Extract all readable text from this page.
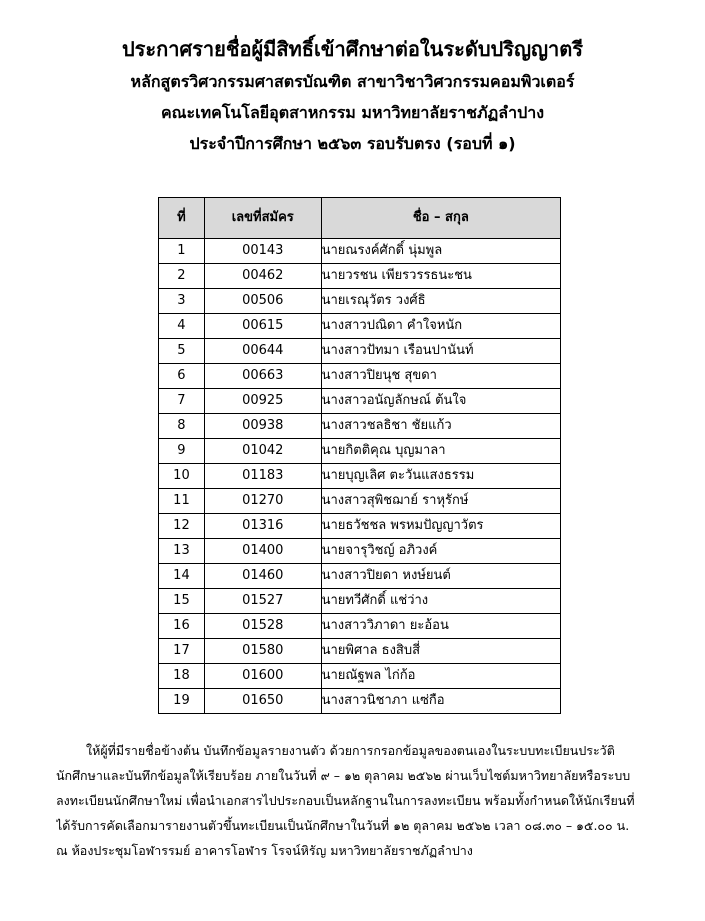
ประกาศรายชื่อผู้มีสิทธิ์เข้าศึกษาต่อในระดับปริญญาตรี
หลักสูตรวิศวกรรมศาสตรบัณฑิต สาขาวิชาวิศวกรรมคอมพิวเตอร์
คณะเทคโนโลยีอุตสาหกรรม มหาวิทยาลัยราชภัฏลำปาง
ประจำปีการศึกษา ๒๕๖๓ รอบรับตรง (รอบที่ ๑)
ที่	เลขที่สมัคร	ชื่อ – สกุล
1	00143	นายณรงค์ศักดิ์ นุ่มพูล
2	00462	นายวรชน เพียรวรรธนะชน
3	00506	นายเรณุวัตร วงศ์ธิ
4	00615	นางสาวปณิดา คำใจหนัก
5	00644	นางสาวปัทมา เรือนปานันท์
6	00663	นางสาวปิยนุช สุขดา
7	00925	นางสาวอนัญลักษณ์ ต้นใจ
8	00938	นางสาวชลธิชา ชัยแก้ว
9	01042	นายกิตติคุณ บุญมาลา
10	01183	นายบุญเลิศ ตะวันแสงธรรม
11	01270	นางสาวสุพิชฌาย์ ราหุรักษ์
12	01316	นายธวัชชล พรหมปัญญาวัตร
13	01400	นายจารุวิชญ์ อภิวงค์
14	01460	นางสาวปิยดา หงษ์ยนต์
15	01527	นายทวีศักดิ์ แช่ว่าง
16	01528	นางสาววิภาดา ยะอ้อน
17	01580	นายพิศาล ธงสิบสี่
18	01600	นายณัฐพล ไก่ก้อ
19	01650	นางสาวนิชาภา แซ่กือ
ให้ผู้ที่มีรายชื่อข้างต้น บันทึกข้อมูลรายงานตัว ด้วยการกรอกข้อมูลของตนเองในระบบทะเบียนประวัติ
นักศึกษาและบันทึกข้อมูลให้เรียบร้อย ภายในวันที่ ๙ – ๑๒ ตุลาคม ๒๕๖๒ ผ่านเว็บไซต์มหาวิทยาลัยหรือระบบ
ลงทะเบียนนักศึกษาใหม่ เพื่อนำเอกสารไปประกอบเป็นหลักฐานในการลงทะเบียน พร้อมทั้งกำหนดให้นักเรียนที่
ได้รับการคัดเลือกมารายงานตัวขึ้นทะเบียนเป็นนักศึกษาในวันที่ ๑๒ ตุลาคม ๒๕๖๒ เวลา ๐๘.๓๐ – ๑๕.๐๐ น.
ณ ห้องประชุมโอฬารรมย์ อาคารโอฬาร โรจน์หิรัญ มหาวิทยาลัยราชภัฏลำปาง
